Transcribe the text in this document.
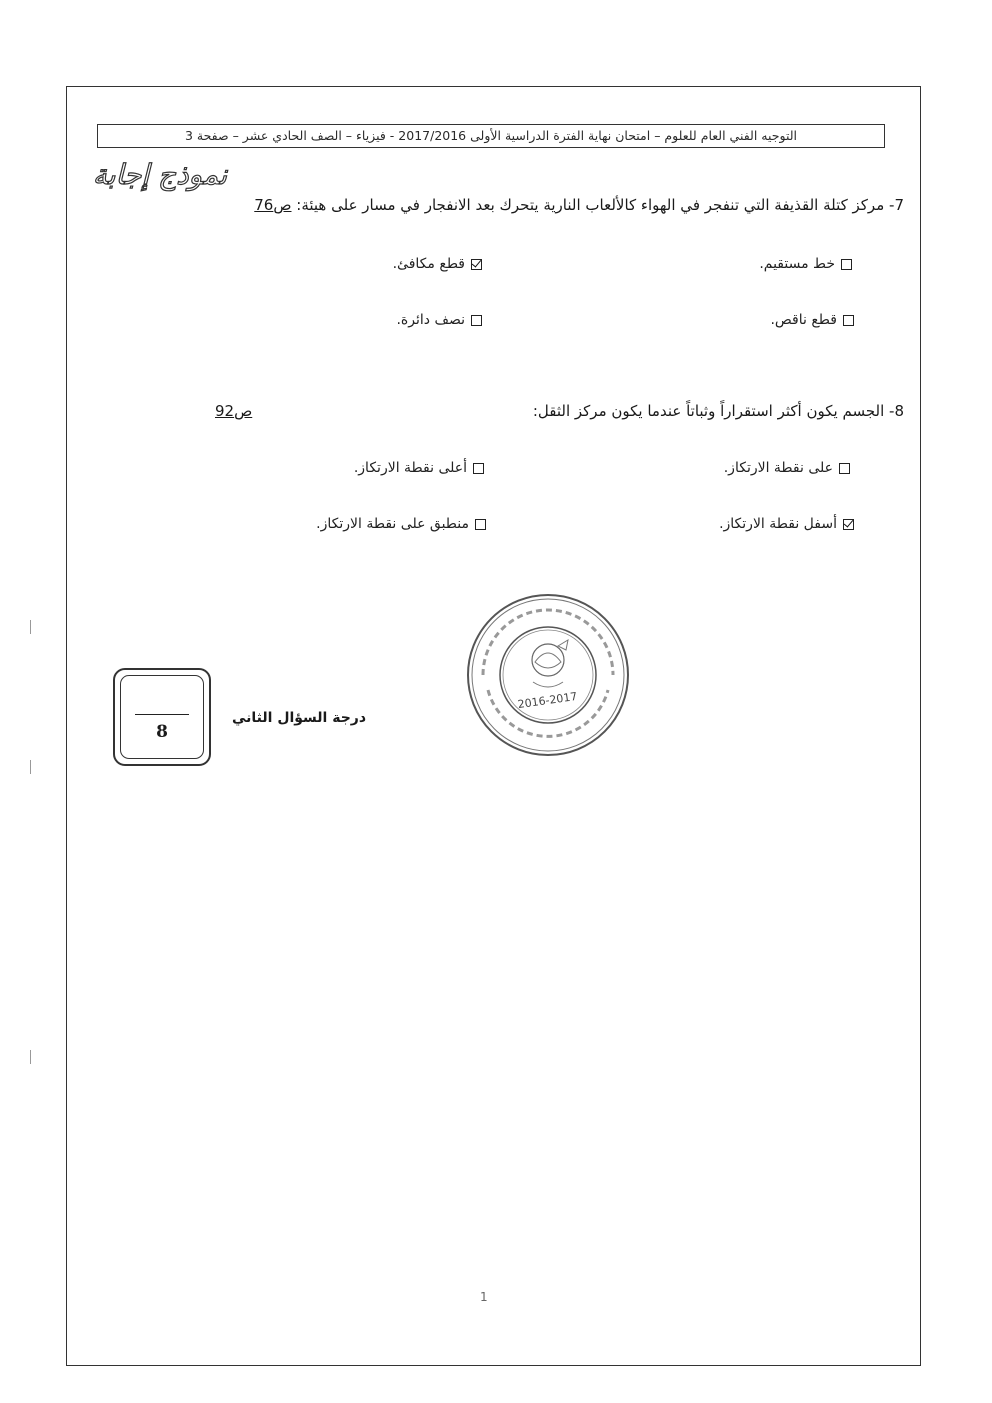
التوجيه الفني العام للعلوم – امتحان نهاية الفترة الدراسية الأولى 2017/2016 - فيزياء – الصف الحادي عشر – صفحة 3
نموذج إجابة
7- مركز كتلة القذيفة التي تنفجر في الهواء كالألعاب النارية يتحرك بعد الانفجار في مسار على هيئة: ص76
خط مستقيم.
قطع مكافئ.
قطع ناقص.
نصف دائرة.
8- الجسم يكون أكثر استقراراً وثباتاً عندما يكون مركز الثقل:
ص92
على نقطة الارتكاز.
أعلى نقطة الارتكاز.
أسفل نقطة الارتكاز.
منطبق على نقطة الارتكاز.
2016-2017
8
درجة السؤال الثاني
1
